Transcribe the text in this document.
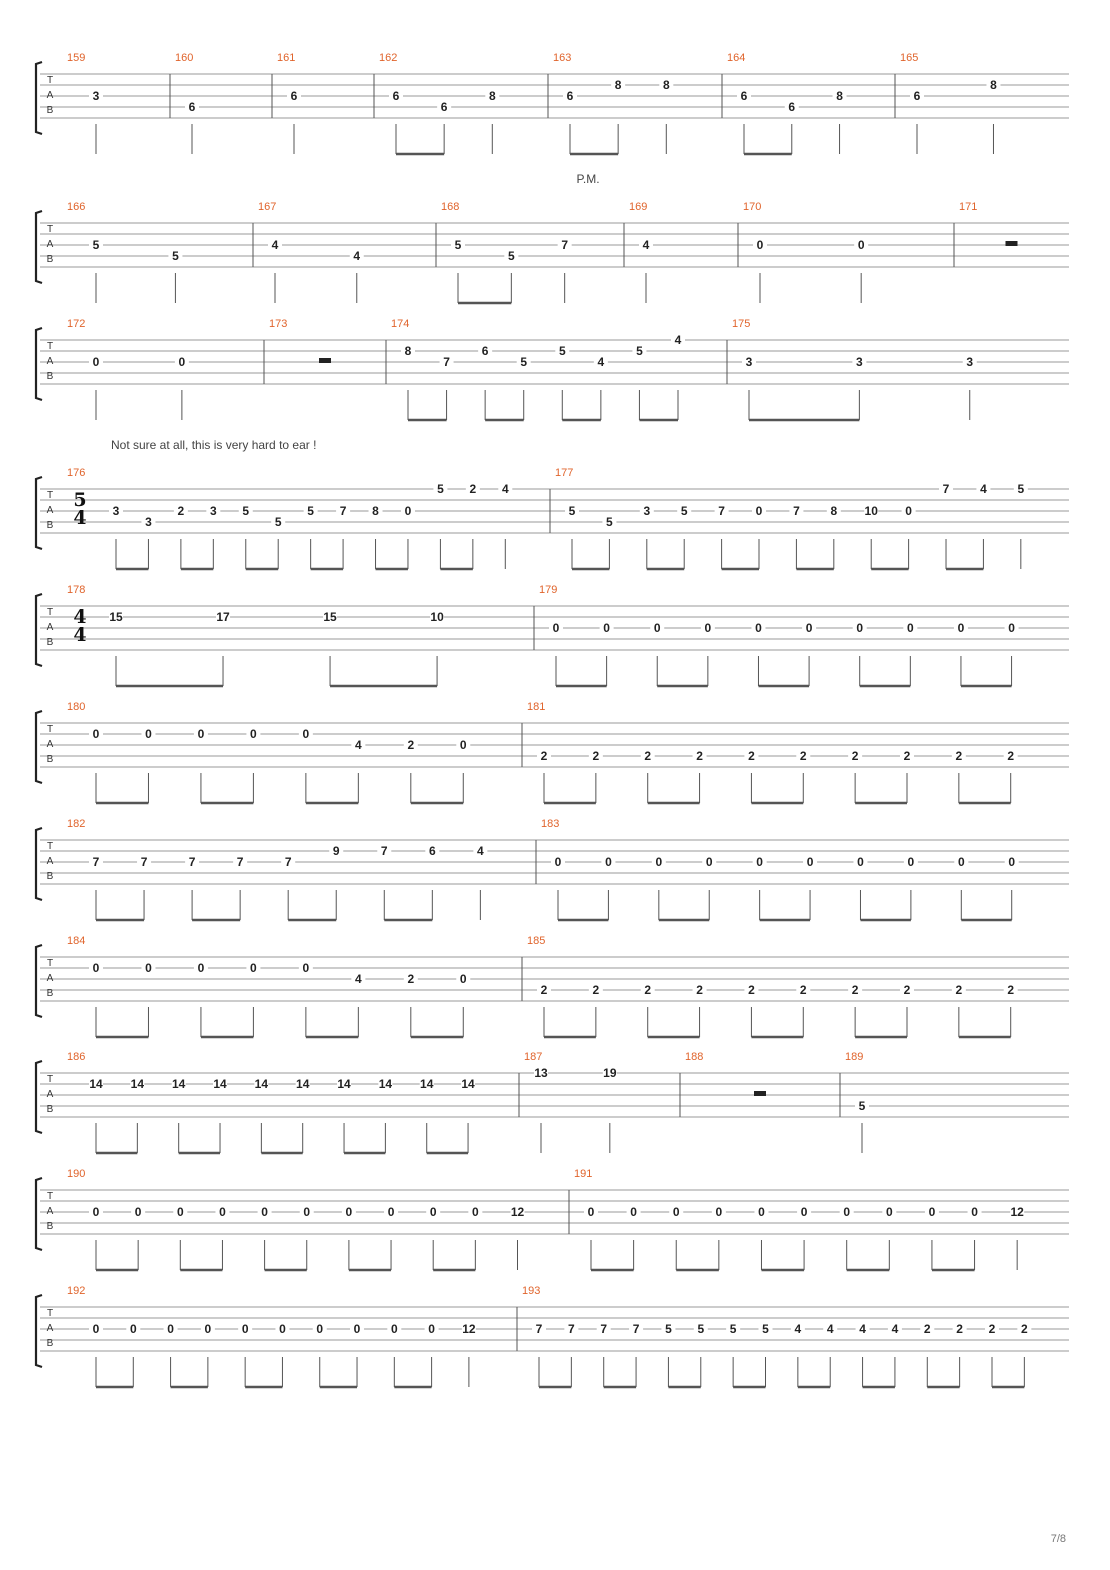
7/8
T
A
B
159
3
160
6
161
6
162
6
6
8
163
6
8	8
164
6
6
8
165
6
8
T
A
B
P.M.
166
5
5
167
4
4
168
5
5
7
169
4
170
0	0
171
T
A
B
172
0	0
173	174
8
7
6
5
5
4
5
4
175
3	3	3
T
A
B
Not sure at all, this is very hard to ear !
5
4
176
3
3
2 3 5
5
5 7 8 0
5 2 4
177
5
5
3	5	7	0	7	8 10 0
7	4	5
T
A
B
4
4
178
15	17	15	10
179
0	0	0	0	0	0	0	0	0	0
T
A
B
180
0	0	0	0	0
4	2	0
181
2	2	2	2	2	2	2	2	2	2
T
A
B
182
7	7	7	7	7
9	7	6	4
183
0	0	0	0	0	0	0	0	0	0
T
A
B
184
0	0	0	0	0
4	2	0
185
2	2	2	2	2	2	2	2	2	2
T
A
B
186
14 14 14 14 14 14 14 14 14 14
187
13	19
188	189
5
T
A
B
190
0	0	0	0	0	0	0	0	0	0	12
191
0	0	0	0	0	0	0	0	0	0	12
T
A
B
192
0	0	0	0	0	0	0	0	0	0 12
193
7 7 7 7 5 5 5 5 4 4 4 4 2 2 2 2
